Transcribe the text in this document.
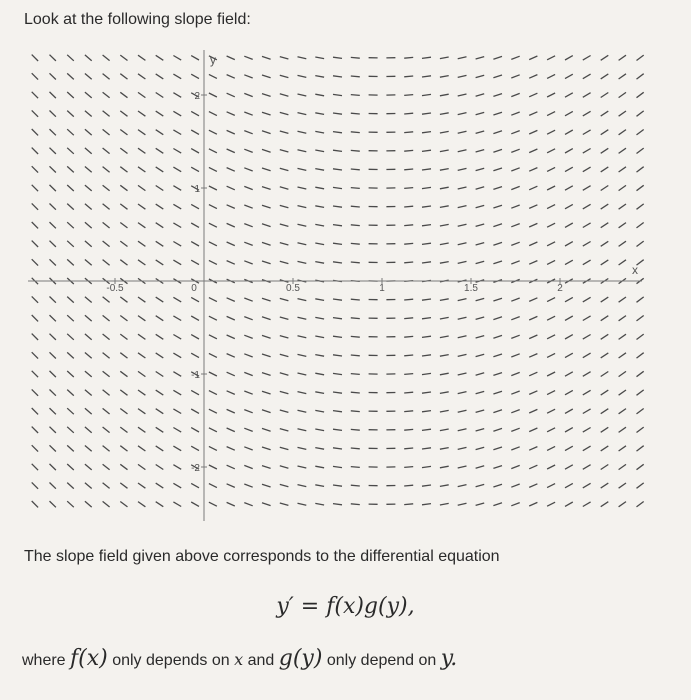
Look at the following slope field:

y
x
-0.5	0	0.5	1	1.5	2
2
1
-1
-2

The slope field given above corresponds to the differential equation

y′ = f(x)g(y),

where f(x) only depends on x and g(y) only depend on y.
